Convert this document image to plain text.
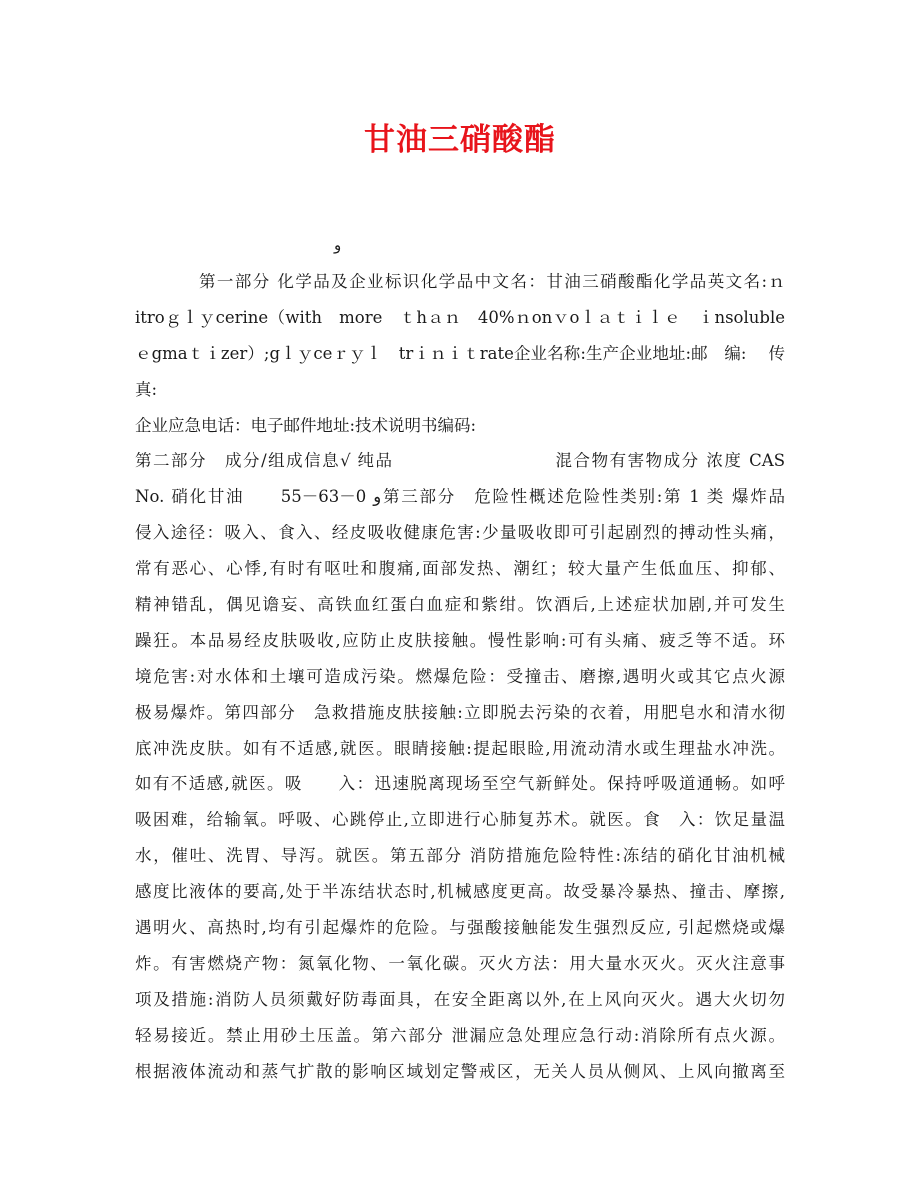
甘油三硝酸酯
و
第一部分 化学品及企业标识化学品中文名：甘油三硝酸酯化学品英文名:ｎ
itroｇｌｙcerine（with　more　ｔhａｎ　40%ｎonｖoｌａｔｉｌｅ　ｉnsoluble　
ｅgmaｔｉzer）;gｌｙceｒｙｌ　trｉｎｉｔrate企业名称:生产企业地址:邮　编:　 传
真:
企业应急电话：电子邮件地址:技术说明书编码:
第二部分　成分/组成信息√ 纯品　　　　　　　　　混合物有害物成分 浓度 CAS
No. 硝化甘油　　55－63－0 و第三部分　危险性概述危险性类别:第 1 类 爆炸品
侵入途径：吸入、食入、经皮吸收健康危害:少量吸收即可引起剧烈的搏动性头痛，
常有恶心、心悸,有时有呕吐和腹痛,面部发热、潮红；较大量产生低血压、抑郁、
精神错乱，偶见谵妄、高铁血红蛋白血症和紫绀。饮酒后,上述症状加剧,并可发生
躁狂。本品易经皮肤吸收,应防止皮肤接触。慢性影响:可有头痛、疲乏等不适。环
境危害:对水体和土壤可造成污染。燃爆危险：受撞击、磨擦,遇明火或其它点火源
极易爆炸。第四部分　急救措施皮肤接触:立即脱去污染的衣着，用肥皂水和清水彻
底冲洗皮肤。如有不适感,就医。眼睛接触:提起眼睑,用流动清水或生理盐水冲洗。
如有不适感,就医。吸　　入：迅速脱离现场至空气新鲜处。保持呼吸道通畅。如呼
吸困难，给输氧。呼吸、心跳停止,立即进行心肺复苏术。就医。食　入：饮足量温
水，催吐、洗胃、导泻。就医。第五部分 消防措施危险特性:冻结的硝化甘油机械
感度比液体的要高,处于半冻结状态时,机械感度更高。故受暴冷暴热、撞击、摩擦,
遇明火、高热时,均有引起爆炸的危险。与强酸接触能发生强烈反应, 引起燃烧或爆
炸。有害燃烧产物：氮氧化物、一氧化碳。灭火方法：用大量水灭火。灭火注意事
项及措施:消防人员须戴好防毒面具，在安全距离以外,在上风向灭火。遇大火切勿
轻易接近。禁止用砂土压盖。第六部分 泄漏应急处理应急行动:消除所有点火源。
根据液体流动和蒸气扩散的影响区域划定警戒区，无关人员从侧风、上风向撤离至
